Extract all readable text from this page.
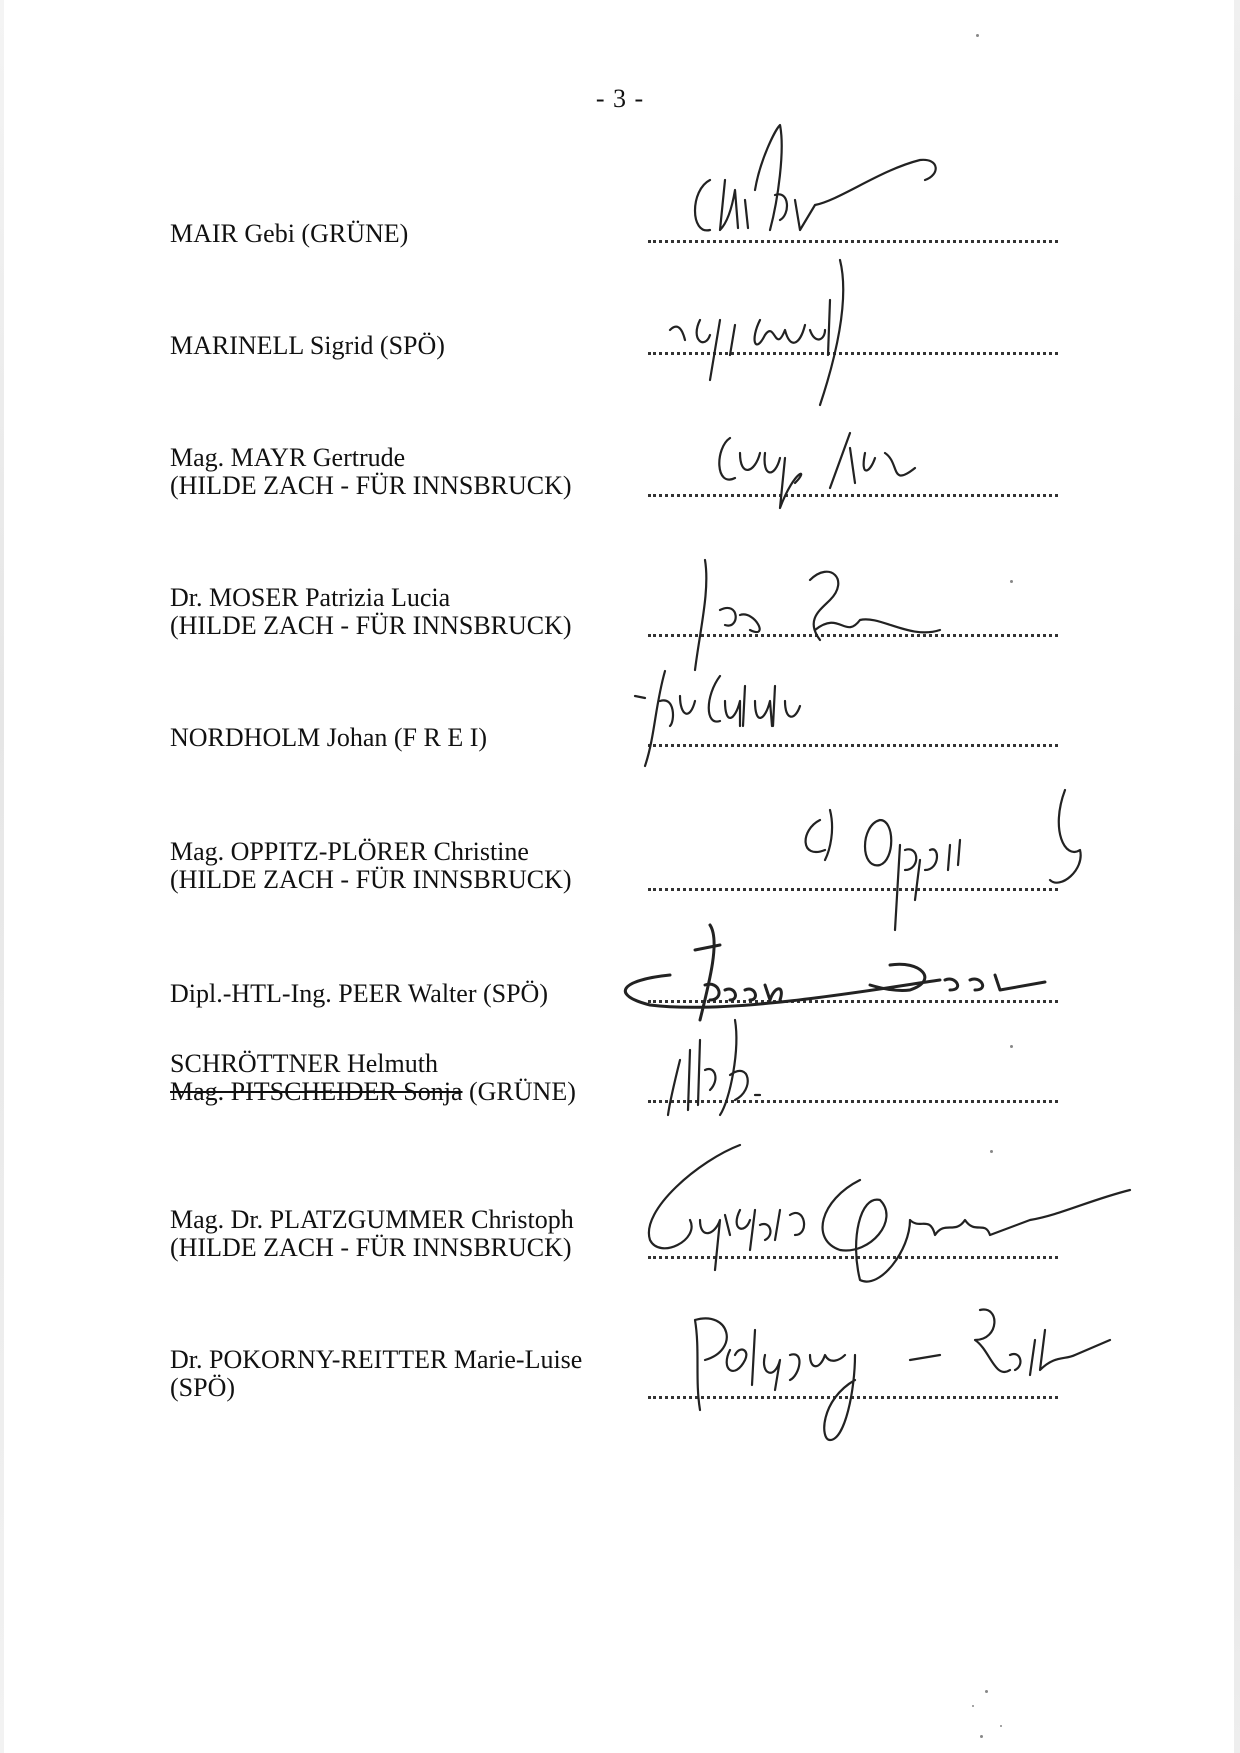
- 3 -
MAIR Gebi (GRÜNE)
MARINELL Sigrid (SPÖ)
Mag. MAYR Gertrude
(HILDE ZACH - FÜR INNSBRUCK)
Dr. MOSER Patrizia Lucia
(HILDE ZACH - FÜR INNSBRUCK)
NORDHOLM Johan (F R E I)
Mag. OPPITZ-PLÖRER Christine
(HILDE ZACH - FÜR INNSBRUCK)
Dipl.-HTL-Ing. PEER Walter (SPÖ)
SCHRÖTTNER Helmuth
Mag. PITSCHEIDER Sonja (GRÜNE)
Mag. Dr. PLATZGUMMER Christoph
(HILDE ZACH - FÜR INNSBRUCK)
Dr. POKORNY-REITTER Marie-Luise
(SPÖ)
